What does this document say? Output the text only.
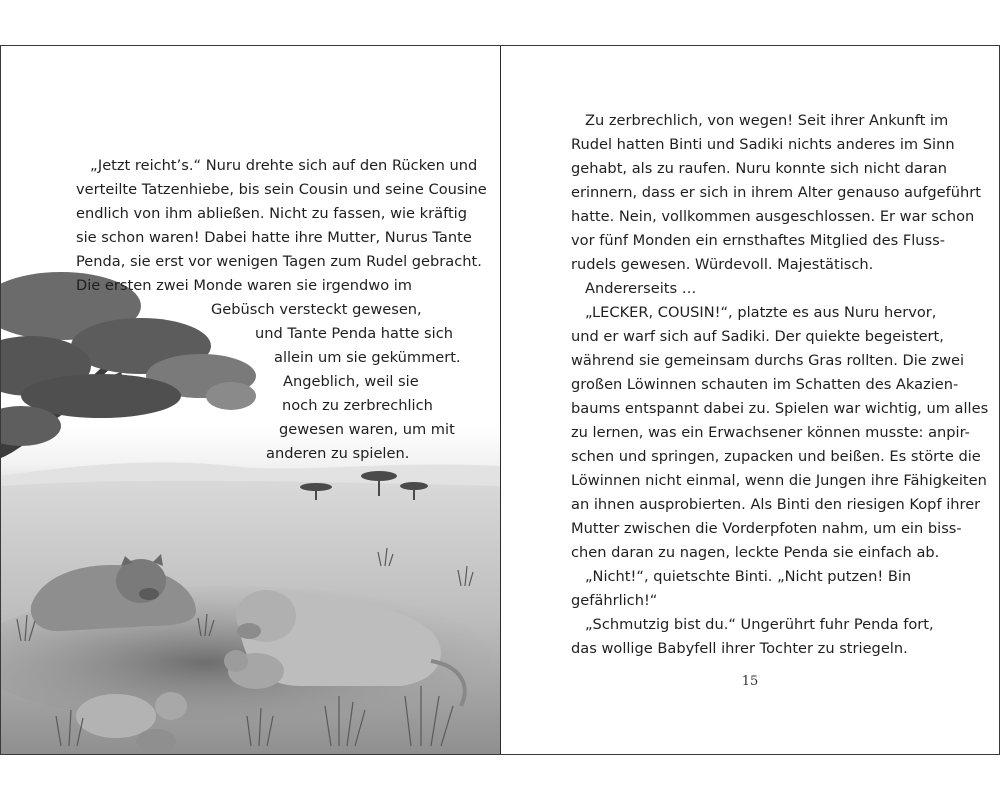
„Jetzt reicht’s.“ Nuru drehte sich auf den Rücken und

verteilte Tatzenhiebe, bis sein Cousin und seine Cousine

endlich von ihm abließen. Nicht zu fassen, wie kräftig

sie schon waren! Dabei hatte ihre Mutter, Nurus Tante

Penda, sie erst vor wenigen Tagen zum Rudel gebracht.

Die ersten zwei Monde waren sie irgendwo im

Gebüsch versteckt gewesen,

und Tante Penda hatte sich

allein um sie gekümmert.

Angeblich, weil sie

noch zu zerbrechlich

gewesen waren, um mit

anderen zu spielen.

Zu zerbrechlich, von wegen! Seit ihrer Ankunft im

Rudel hatten Binti und Sadiki nichts anderes im Sinn

gehabt, als zu raufen. Nuru konnte sich nicht daran

erinnern, dass er sich in ihrem Alter genauso aufgeführt

hatte. Nein, vollkommen ausgeschlossen. Er war schon

vor fünf Monden ein ernsthaftes Mitglied des Fluss-

rudels gewesen. Würdevoll. Majestätisch.

Andererseits …

„LECKER, COUSIN!“, platzte es aus Nuru hervor,

und er warf sich auf Sadiki. Der quiekte begeistert,

während sie gemeinsam durchs Gras rollten. Die zwei

großen Löwinnen schauten im Schatten des Akazien-

baums entspannt dabei zu. Spielen war wichtig, um alles

zu lernen, was ein Erwachsener können musste: anpir-

schen und springen, zupacken und beißen. Es störte die

Löwinnen nicht einmal, wenn die Jungen ihre Fähigkeiten

an ihnen ausprobierten. Als Binti den riesigen Kopf ihrer

Mutter zwischen die Vorderpfoten nahm, um ein biss-

chen daran zu nagen, leckte Penda sie einfach ab.

„Nicht!“, quietschte Binti. „Nicht putzen! Bin

gefährlich!“

„Schmutzig bist du.“ Ungerührt fuhr Penda fort,

das wollige Babyfell ihrer Tochter zu striegeln.

15
